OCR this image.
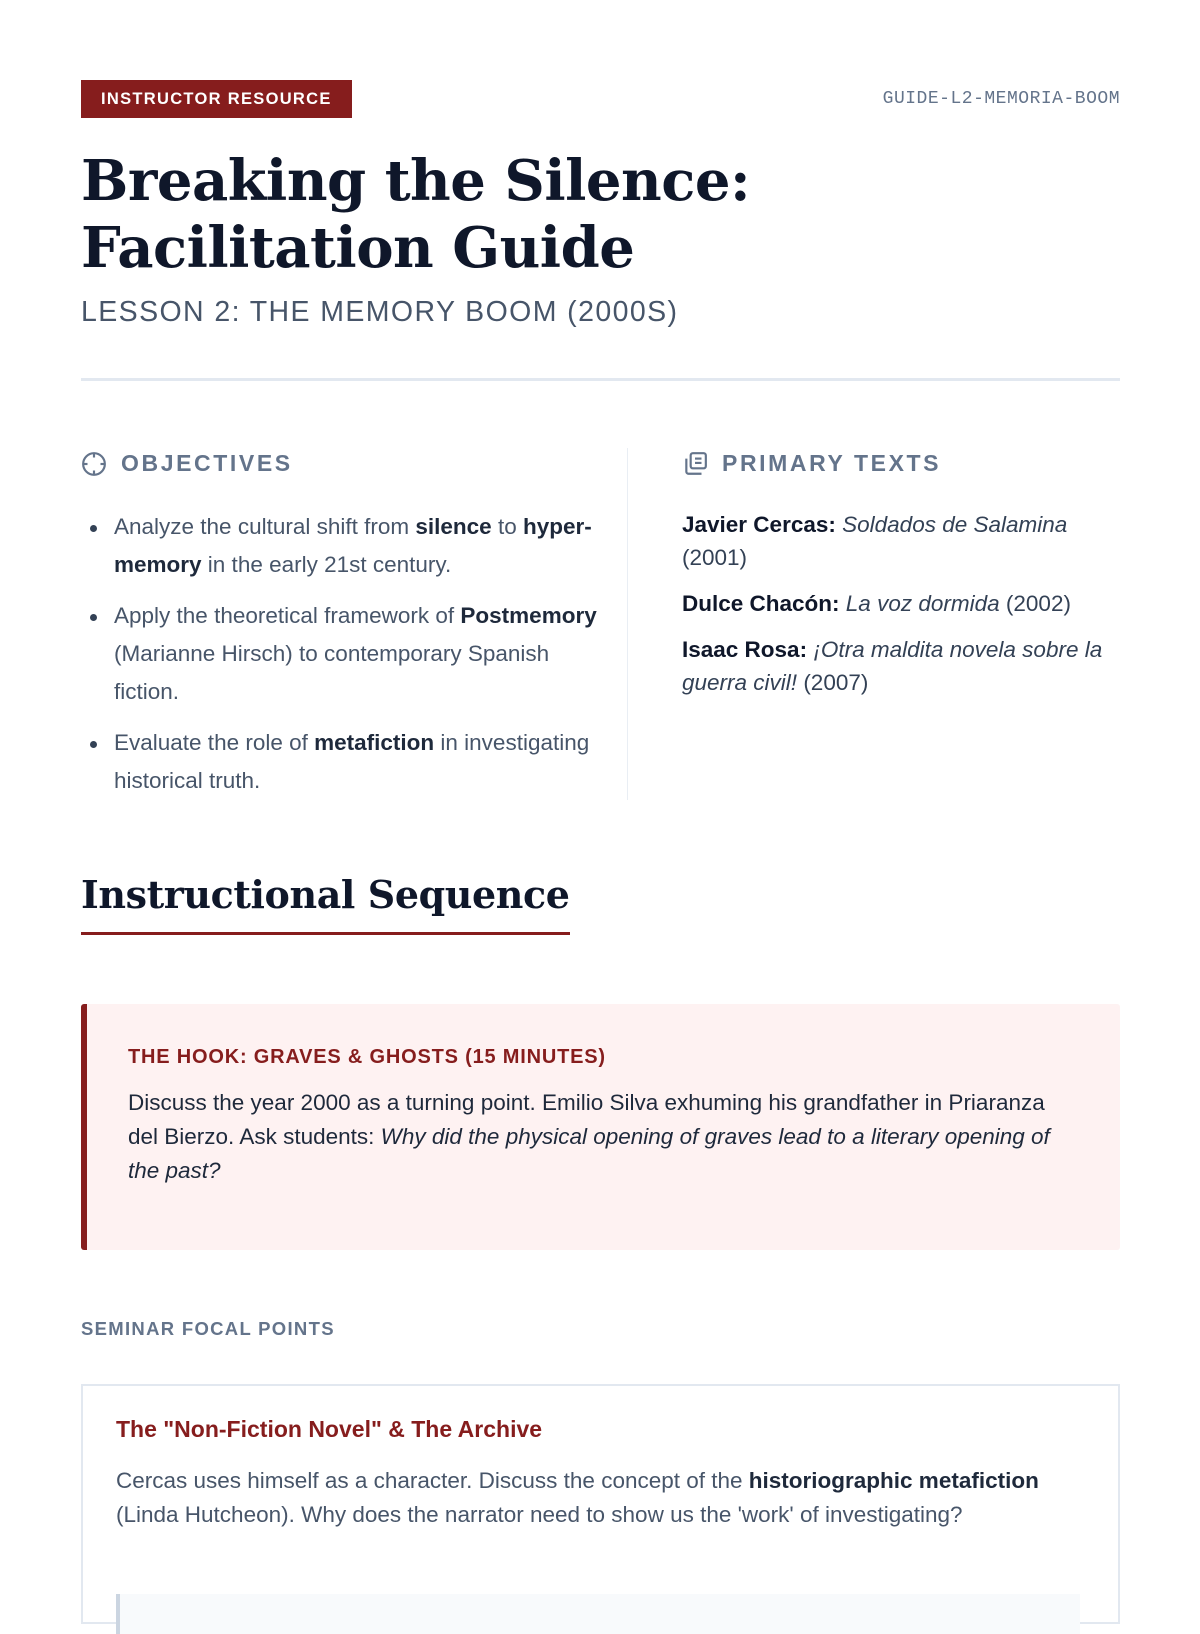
INSTRUCTOR RESOURCE	GUIDE-L2-MEMORIA-BOOM
Breaking the Silence: Facilitation Guide
LESSON 2: THE MEMORY BOOM (2000S)
OBJECTIVES
Analyze the cultural shift from silence to hyper-memory in the early 21st century.
Apply the theoretical framework of Postmemory (Marianne Hirsch) to contemporary Spanish fiction.
Evaluate the role of metafiction in investigating historical truth.
PRIMARY TEXTS
Javier Cercas: Soldados de Salamina (2001)
Dulce Chacón: La voz dormida (2002)
Isaac Rosa: ¡Otra maldita novela sobre la guerra civil! (2007)
Instructional Sequence
THE HOOK: GRAVES & GHOSTS (15 MINUTES)

Discuss the year 2000 as a turning point. Emilio Silva exhuming his grandfather in Priaranza del Bierzo. Ask students: Why did the physical opening of graves lead to a literary opening of the past?

SEMINAR FOCAL POINTS
The "Non-Fiction Novel" & The Archive

Cercas uses himself as a character. Discuss the concept of the historiographic metafiction (Linda Hutcheon). Why does the narrator need to show us the 'work' of investigating?
